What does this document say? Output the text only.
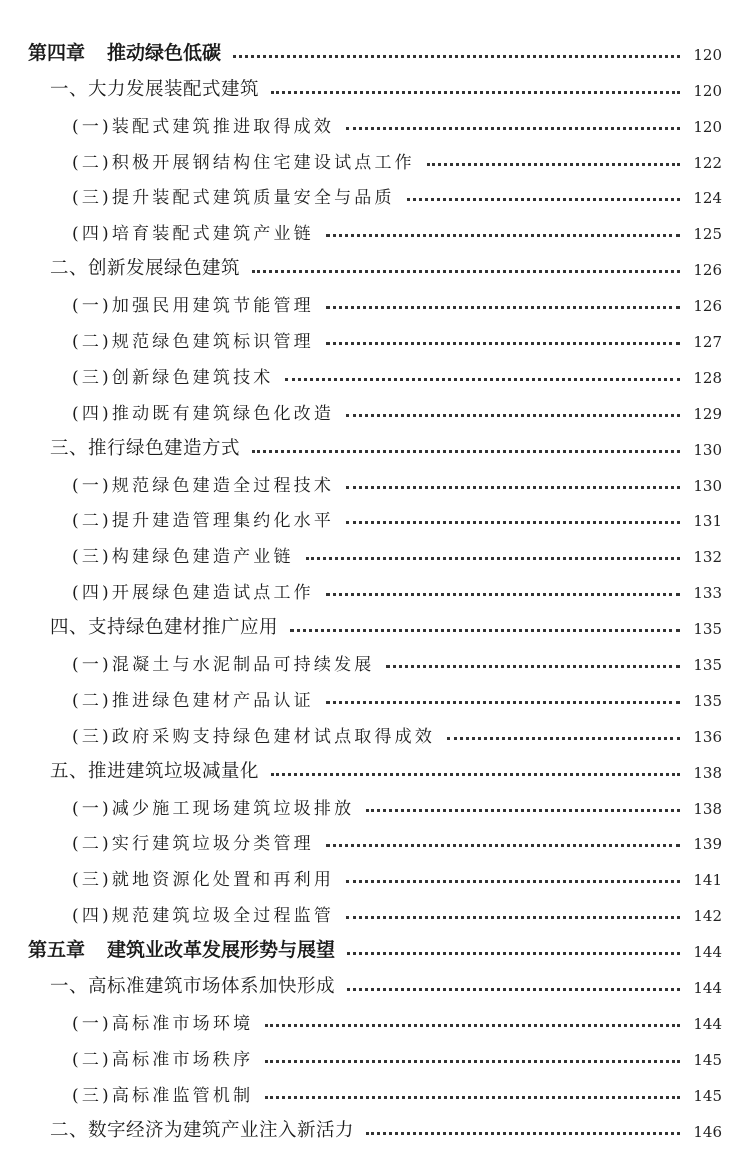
第四章 推动绿色低碳	120
一、大力发展装配式建筑	120
(一)装配式建筑推进取得成效	120
(二)积极开展钢结构住宅建设试点工作	122
(三)提升装配式建筑质量安全与品质	124
(四)培育装配式建筑产业链	125
二、创新发展绿色建筑	126
(一)加强民用建筑节能管理	126
(二)规范绿色建筑标识管理	127
(三)创新绿色建筑技术	128
(四)推动既有建筑绿色化改造	129
三、推行绿色建造方式	130
(一)规范绿色建造全过程技术	130
(二)提升建造管理集约化水平	131
(三)构建绿色建造产业链	132
(四)开展绿色建造试点工作	133
四、支持绿色建材推广应用	135
(一)混凝土与水泥制品可持续发展	135
(二)推进绿色建材产品认证	135
(三)政府采购支持绿色建材试点取得成效	136
五、推进建筑垃圾减量化	138
(一)减少施工现场建筑垃圾排放	138
(二)实行建筑垃圾分类管理	139
(三)就地资源化处置和再利用	141
(四)规范建筑垃圾全过程监管	142
第五章 建筑业改革发展形势与展望	144
一、高标准建筑市场体系加快形成	144
(一)高标准市场环境	144
(二)高标准市场秩序	145
(三)高标准监管机制	145
二、数字经济为建筑产业注入新活力	146
